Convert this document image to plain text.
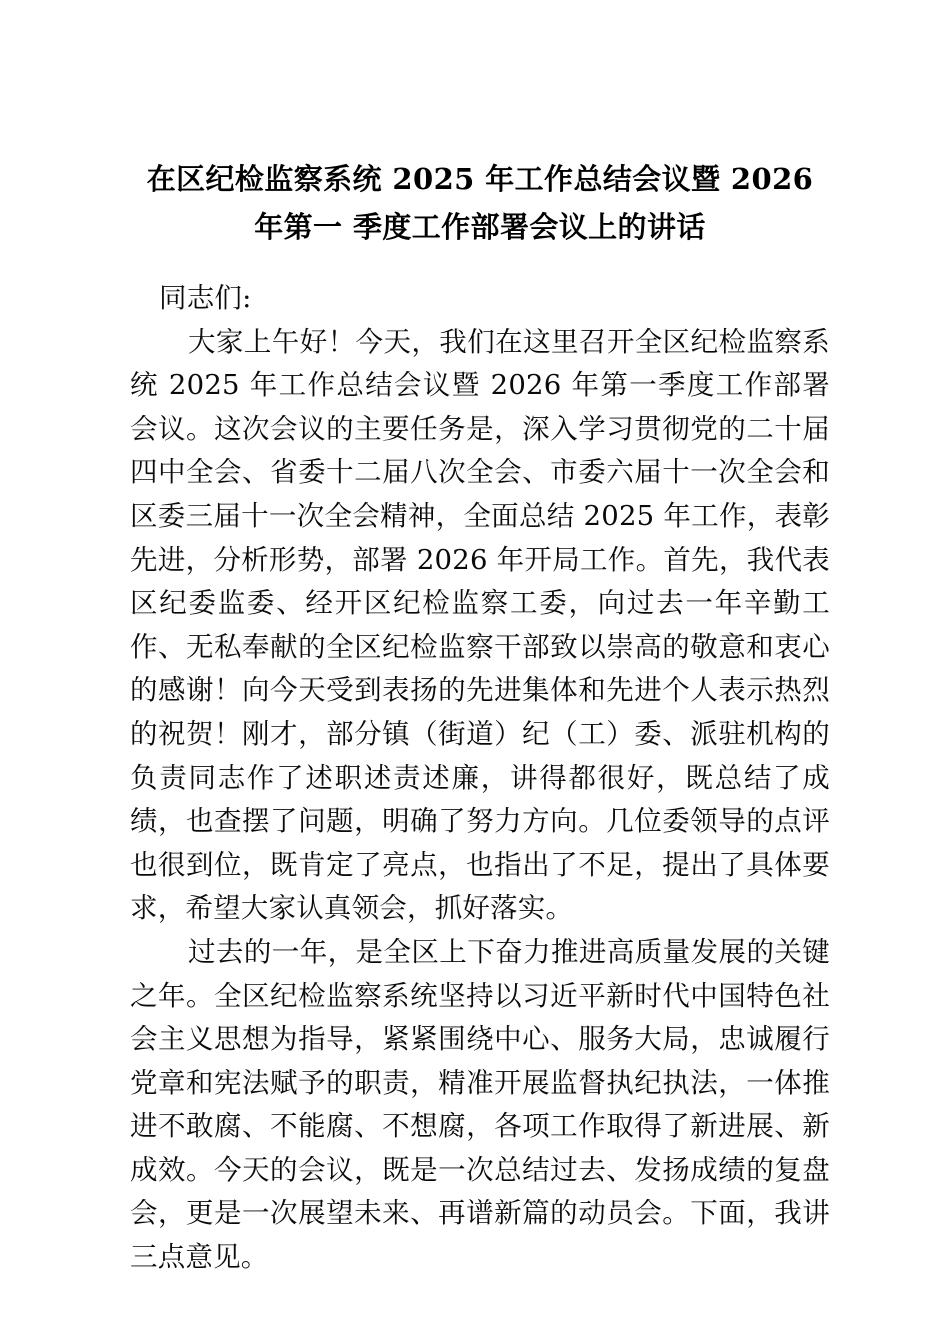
在区纪检监察系统 2025 年工作总结会议暨 2026 年第一 季度工作部署会议上的讲话

同志们:

大家上午好！今天，我们在这里召开全区纪检监察系统 2025 年工作总结会议暨 2026 年第一季度工作部署会议。这次会议的主要任务是，深入学习贯彻党的二十届四中全会、省委十二届八次全会、市委六届十一次全会和区委三届十一次全会精神，全面总结 2025 年工作，表彰先进，分析形势，部署 2026 年开局工作。首先，我代表区纪委监委、经开区纪检监察工委，向过去一年辛勤工作、无私奉献的全区纪检监察干部致以崇高的敬意和衷心的感谢！向今天受到表扬的先进集体和先进个人表示热烈的祝贺！刚才，部分镇（街道）纪（工）委、派驻机构的负责同志作了述职述责述廉，讲得都很好，既总结了成绩，也查摆了问题，明确了努力方向。几位委领导的点评也很到位，既肯定了亮点，也指出了不足，提出了具体要求，希望大家认真领会，抓好落实。

过去的一年，是全区上下奋力推进高质量发展的关键之年。全区纪检监察系统坚持以习近平新时代中国特色社会主义思想为指导，紧紧围绕中心、服务大局，忠诚履行党章和宪法赋予的职责，精准开展监督执纪执法，一体推进不敢腐、不能腐、不想腐，各项工作取得了新进展、新成效。今天的会议，既是一次总结过去、发扬成绩的复盘会，更是一次展望未来、再谱新篇的动员会。下面，我讲三点意见。
